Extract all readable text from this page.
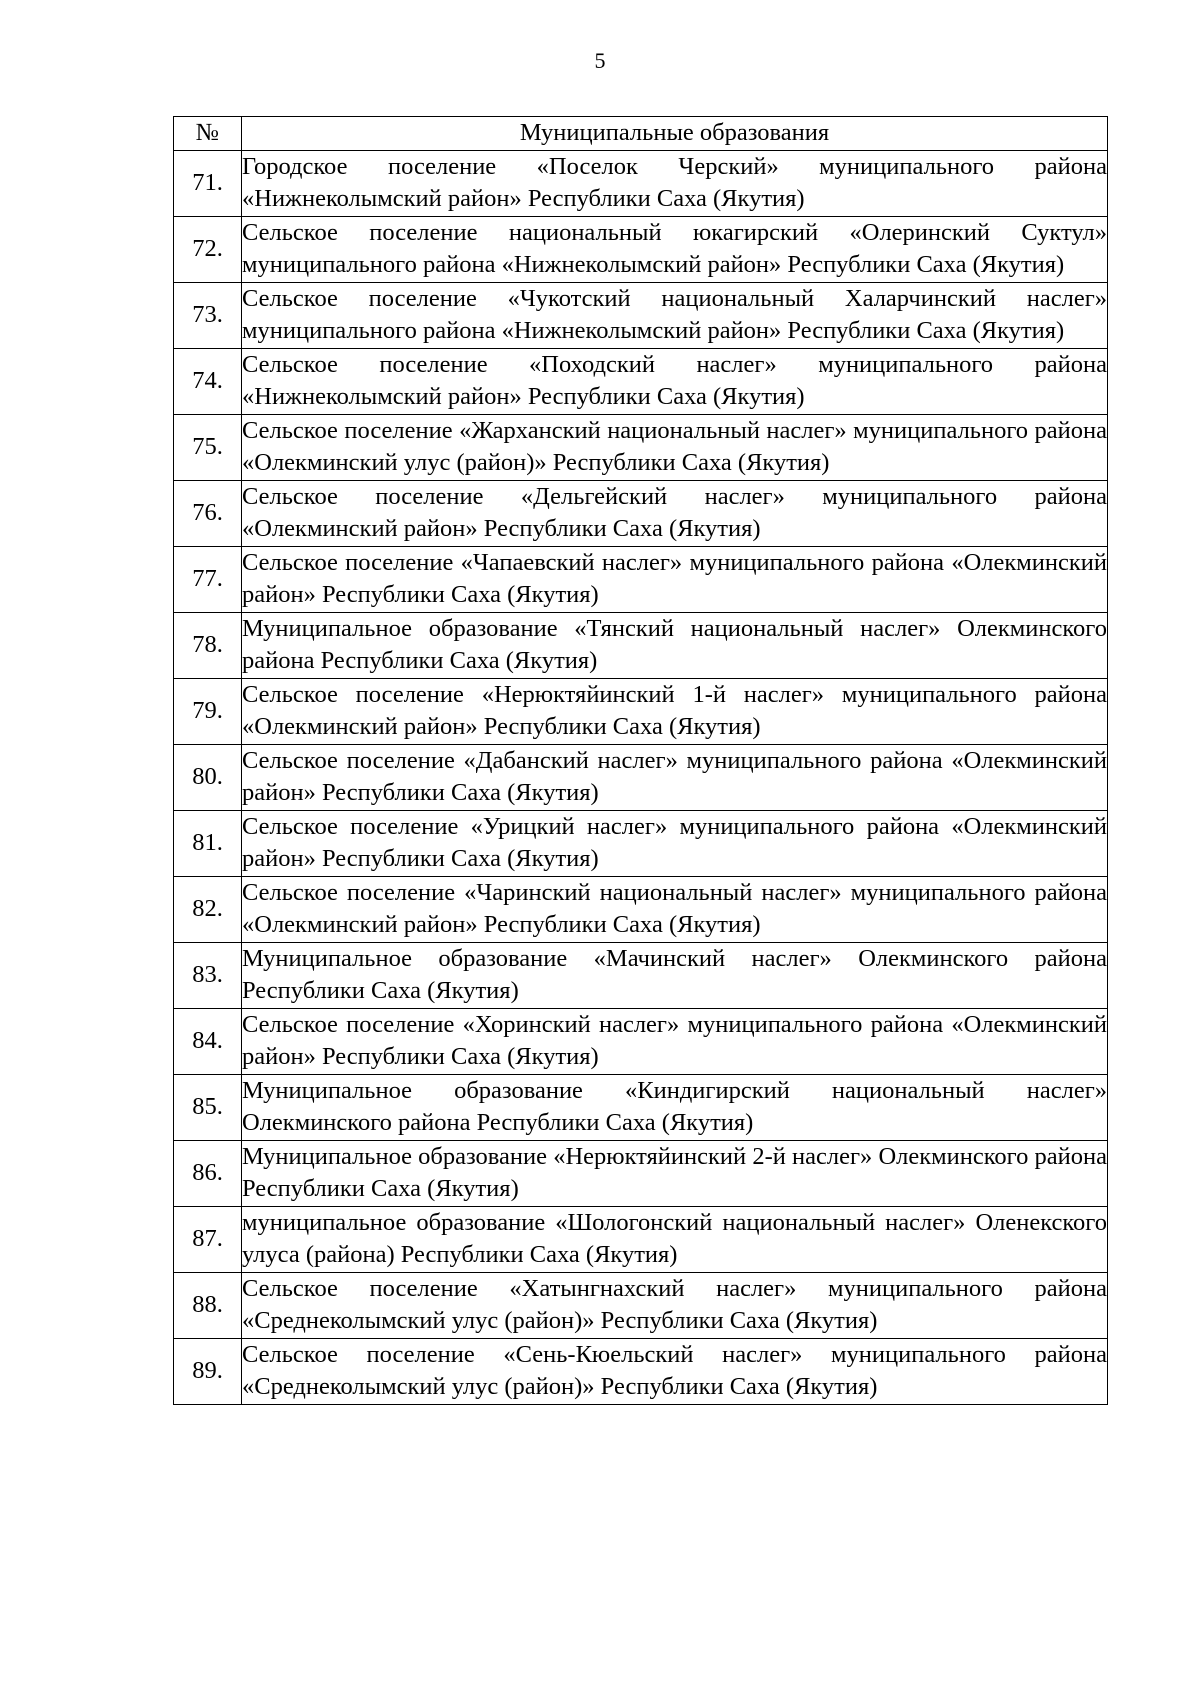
5
№	Муниципальные образования
71.	Городское поселение «Поселок Черский» муниципального района «Нижнеколымский район» Республики Саха (Якутия)
72.	Сельское поселение национальный юкагирский «Олеринский Суктул» муниципального района «Нижнеколымский район» Республики Саха (Якутия)
73.	Сельское поселение «Чукотский национальный Халарчинский наслег» муниципального района «Нижнеколымский район» Республики Саха (Якутия)
74.	Сельское поселение «Походский наслег» муниципального района «Нижнеколымский район» Республики Саха (Якутия)
75.	Сельское поселение «Жарханский национальный наслег» муниципального района «Олекминский улус (район)» Республики Саха (Якутия)
76.	Сельское поселение «Дельгейский наслег» муниципального района «Олекминский район» Республики Саха (Якутия)
77.	Сельское поселение «Чапаевский наслег» муниципального района «Олекминский район» Республики Саха (Якутия)
78.	Муниципальное образование «Тянский национальный наслег» Олекминского района Республики Саха (Якутия)
79.	Сельское поселение «Нерюктяйинский 1-й наслег» муниципального района «Олекминский район» Республики Саха (Якутия)
80.	Сельское поселение «Дабанский наслег» муниципального района «Олекминский район» Республики Саха (Якутия)
81.	Сельское поселение «Урицкий наслег» муниципального района «Олекминский район» Республики Саха (Якутия)
82.	Сельское поселение «Чаринский национальный наслег» муниципального района «Олекминский район» Республики Саха (Якутия)
83.	Муниципальное образование «Мачинский наслег» Олекминского района Республики Саха (Якутия)
84.	Сельское поселение «Хоринский наслег» муниципального района «Олекминский район» Республики Саха (Якутия)
85.	Муниципальное образование «Киндигирский национальный наслег» Олекминского района Республики Саха (Якутия)
86.	Муниципальное образование «Нерюктяйинский 2-й наслег» Олекминского района Республики Саха (Якутия)
87.	муниципальное образование «Шологонский национальный наслег» Оленекского улуса (района) Республики Саха (Якутия)
88.	Сельское поселение «Хатынгнахский наслег» муниципального района «Среднеколымский улус (район)» Республики Саха (Якутия)
89.	Сельское поселение «Сень-Кюельский наслег» муниципального района «Среднеколымский улус (район)» Республики Саха (Якутия)
